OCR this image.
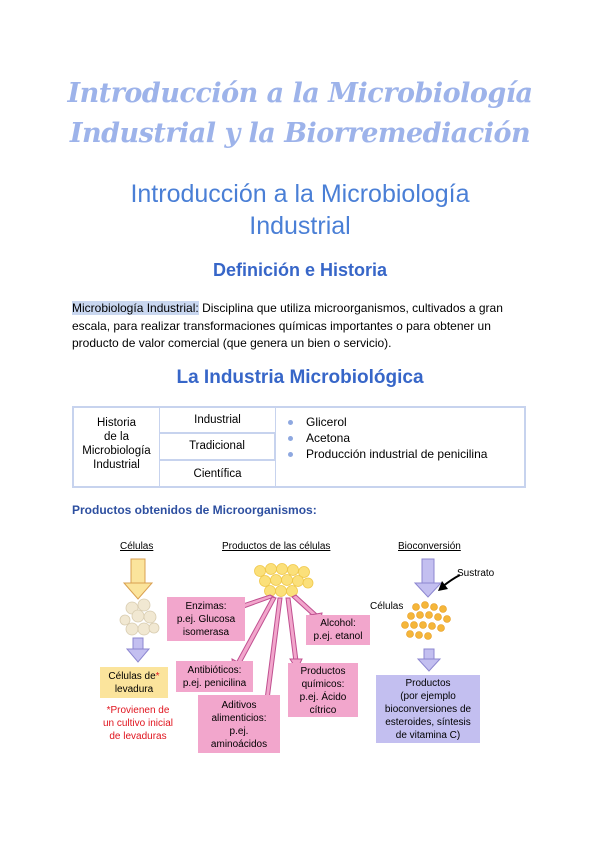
Introducción a la Microbiología
Industrial y la Biorremediación
Introducción a la Microbiología
Industrial
Definición e Historia
Microbiología Industrial: Disciplina que utiliza microorganismos, cultivados a gran
escala, para realizar transformaciones químicas importantes o para obtener un
producto de valor comercial (que genera un bien o servicio).
La Industria Microbiológica
Historia
de la
Microbiología
Industrial
Industrial
Tradicional
Científica
Glicerol
Acetona
Producción industrial de penicilina
Productos obtenidos de Microorganismos:
Células	Productos de las células	Bioconversión
Sustrato
Células
Células de*
levadura
*Provienen de
un cultivo inicial
de levaduras
Enzimas:
p.ej. Glucosa
isomerasa
Alcohol:
p.ej. etanol
Antibióticos:
p.ej. penicilina
Productos
químicos:
p.ej. Ácido
cítrico
Aditivos
alimenticios:
p.ej.
aminoácidos
Productos
(por ejemplo
bioconversiones de
esteroides, síntesis
de vitamina C)
